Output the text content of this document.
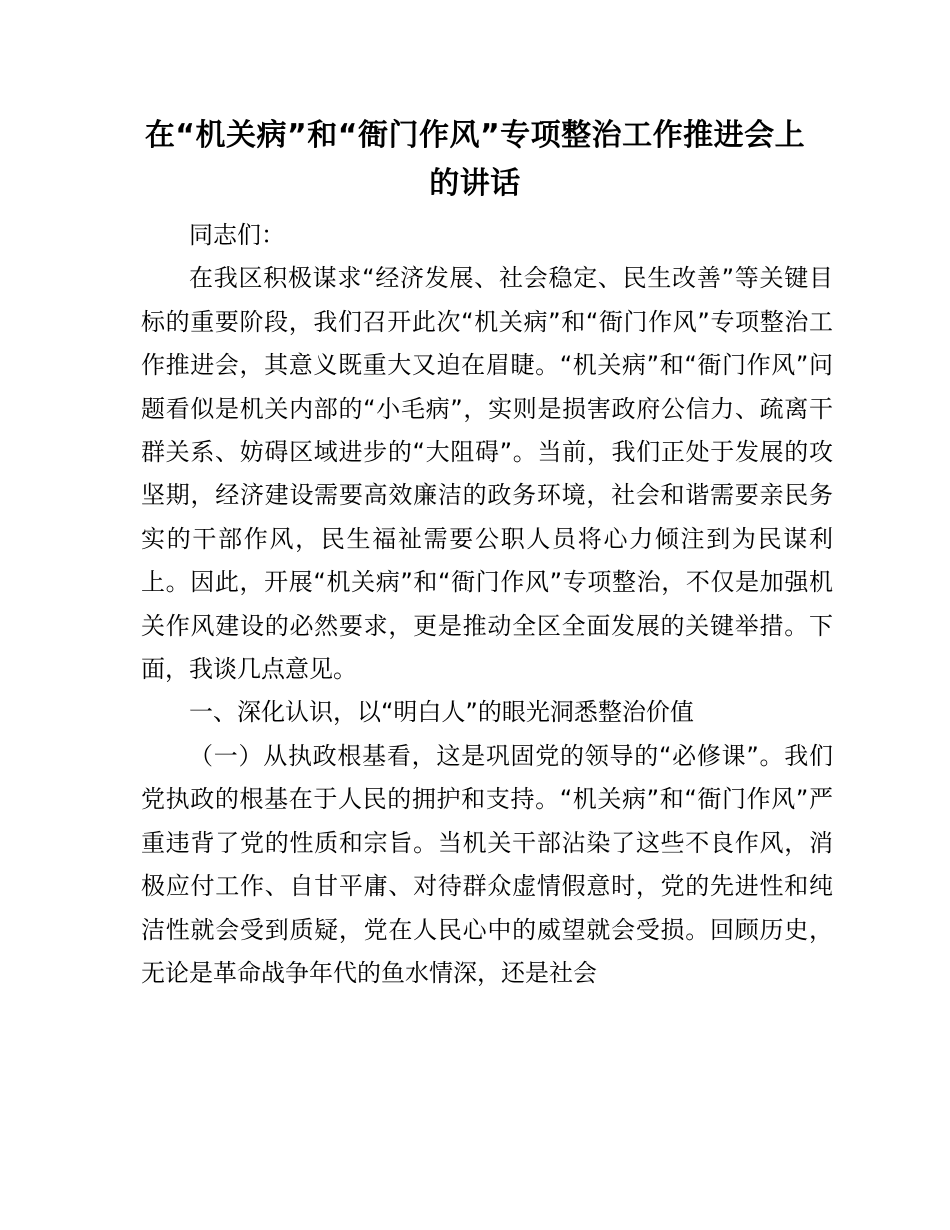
在“机关病”和“衙门作风”专项整治工作推进会上的讲话

同志们：

在我区积极谋求“经济发展、社会稳定、民生改善”等关键目标的重要阶段，我们召开此次“机关病”和“衙门作风”专项整治工作推进会，其意义既重大又迫在眉睫。“机关病”和“衙门作风”问题看似是机关内部的“小毛病”，实则是损害政府公信力、疏离干群关系、妨碍区域进步的“大阻碍”。当前，我们正处于发展的攻坚期，经济建设需要高效廉洁的政务环境，社会和谐需要亲民务实的干部作风，民生福祉需要公职人员将心力倾注到为民谋利上。因此，开展“机关病”和“衙门作风”专项整治，不仅是加强机关作风建设的必然要求，更是推动全区全面发展的关键举措。下面，我谈几点意见。

一、深化认识，以“明白人”的眼光洞悉整治价值

（一）从执政根基看，这是巩固党的领导的“必修课”。我们党执政的根基在于人民的拥护和支持。“机关病”和“衙门作风”严重违背了党的性质和宗旨。当机关干部沾染了这些不良作风，消极应付工作、自甘平庸、对待群众虚情假意时，党的先进性和纯洁性就会受到质疑，党在人民心中的威望就会受损。回顾历史，无论是革命战争年代的鱼水情深，还是社会
